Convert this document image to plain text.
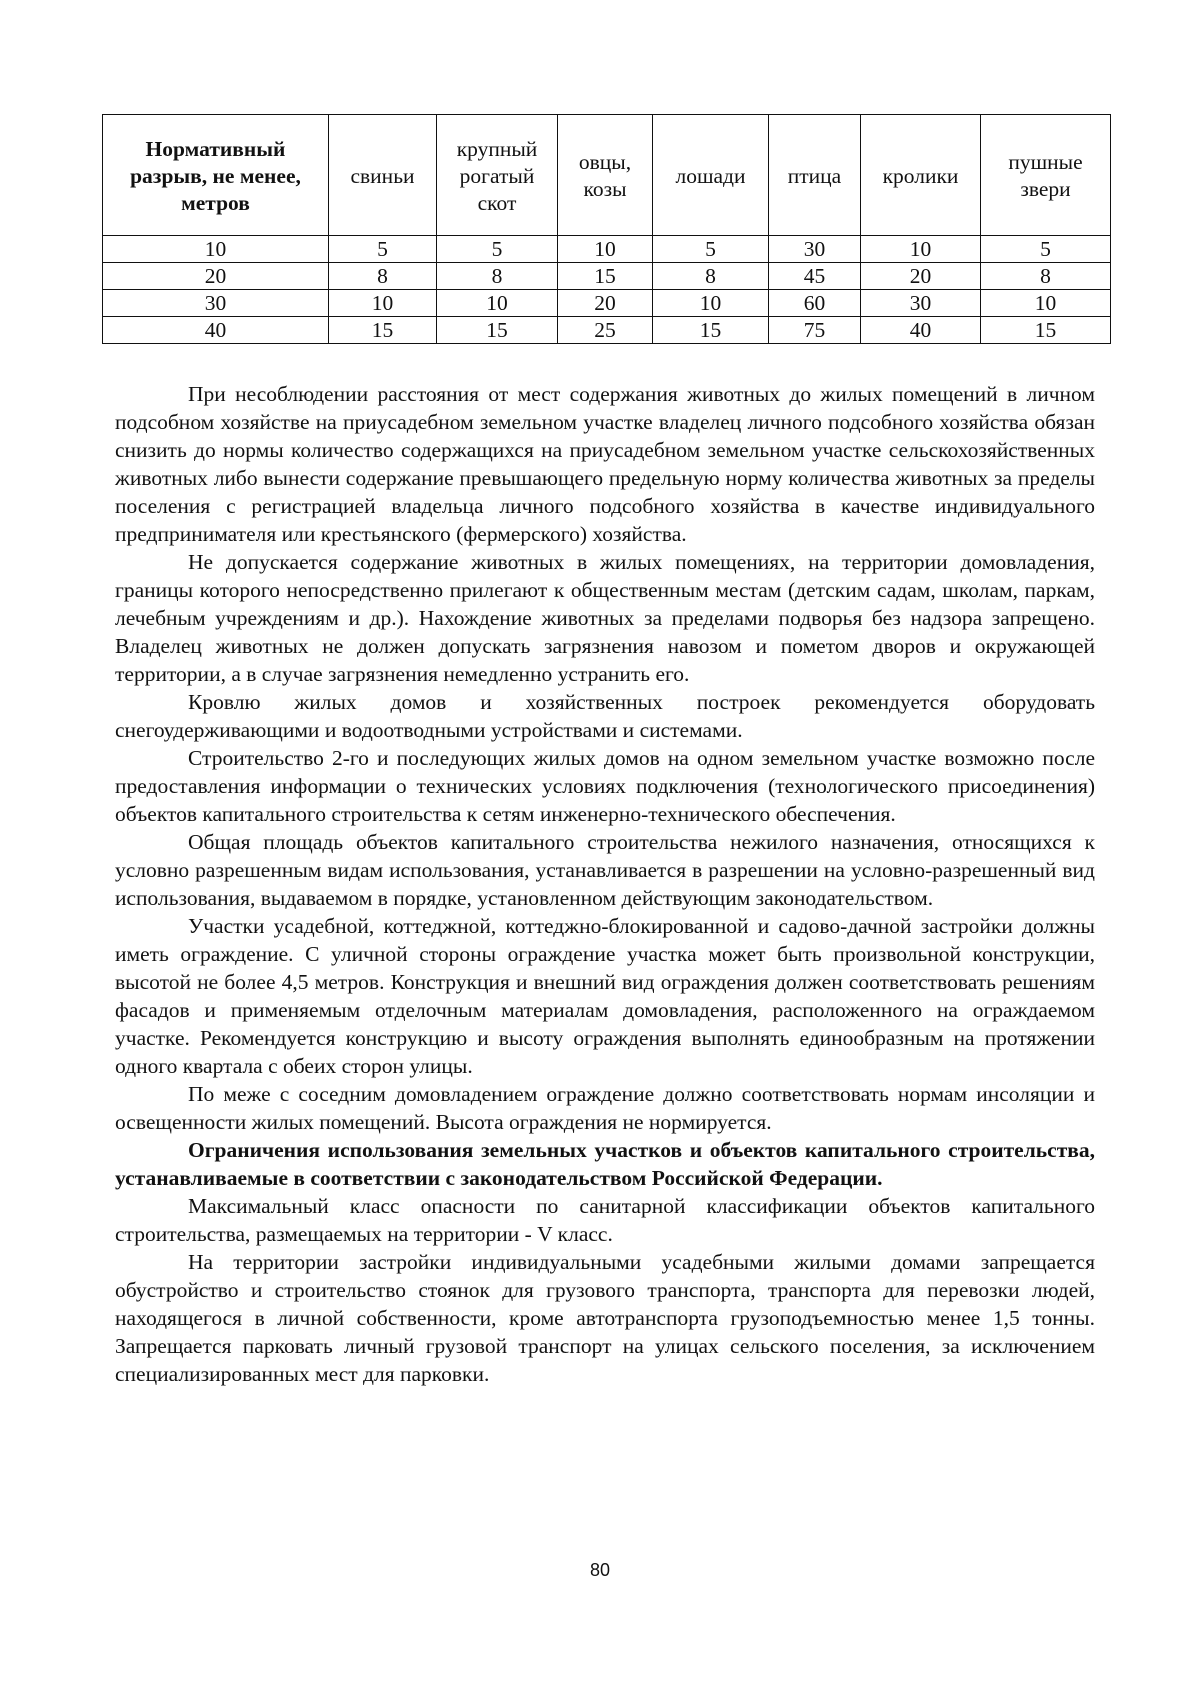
Нормативный разрыв, не менее, метров	свиньи	крупный рогатый скот	овцы, козы	лошади	птица	кролики	пушные звери
10	5	5	10	5	30	10	5
20	8	8	15	8	45	20	8
30	10	10	20	10	60	30	10
40	15	15	25	15	75	40	15

При несоблюдении расстояния от мест содержания животных до жилых помещений в личном подсобном хозяйстве на приусадебном земельном участке владелец личного подсобного хозяйства обязан снизить до нормы количество содержащихся на приусадебном земельном участке сельскохозяйственных животных либо вынести содержание превышающего предельную норму количества животных за пределы поселения с регистрацией владельца личного подсобного хозяйства в качестве индивидуального предпринимателя или крестьянского (фермерского) хозяйства.

Не допускается содержание животных в жилых помещениях, на территории домовладения, границы которого непосредственно прилегают к общественным местам (детским садам, школам, паркам, лечебным учреждениям и др.). Нахождение животных за пределами подворья без надзора запрещено. Владелец животных не должен допускать загрязнения навозом и пометом дворов и окружающей территории, а в случае загрязнения немедленно устранить его.

Кровлю жилых домов и хозяйственных построек рекомендуется оборудовать снегоудерживающими и водоотводными устройствами и системами.

Строительство 2-го и последующих жилых домов на одном земельном участке возможно после предоставления информации о технических условиях подключения (технологического присоединения) объектов капитального строительства к сетям инженерно-технического обеспечения.

Общая площадь объектов капитального строительства нежилого назначения, относящихся к условно разрешенным видам использования, устанавливается в разрешении на условно-разрешенный вид использования, выдаваемом в порядке, установленном действующим законодательством.

Участки усадебной, коттеджной, коттеджно-блокированной и садово-дачной застройки должны иметь ограждение. С уличной стороны ограждение участка может быть произвольной конструкции, высотой не более 4,5 метров. Конструкция и внешний вид ограждения должен соответствовать решениям фасадов и применяемым отделочным материалам домовладения, расположенного на ограждаемом участке. Рекомендуется конструкцию и высоту ограждения выполнять единообразным на протяжении одного квартала с обеих сторон улицы.

По меже с соседним домовладением ограждение должно соответствовать нормам инсоляции и освещенности жилых помещений. Высота ограждения не нормируется.

Ограничения использования земельных участков и объектов капитального строительства, устанавливаемые в соответствии с законодательством Российской Федерации.

Максимальный класс опасности по санитарной классификации объектов капитального строительства, размещаемых на территории - V класс.

На территории застройки индивидуальными усадебными жилыми домами запрещается обустройство и строительство стоянок для грузового транспорта, транспорта для перевозки людей, находящегося в личной собственности, кроме автотранспорта грузоподъемностью менее 1,5 тонны. Запрещается парковать личный грузовой транспорт на улицах сельского поселения, за исключением специализированных мест для парковки.

80
